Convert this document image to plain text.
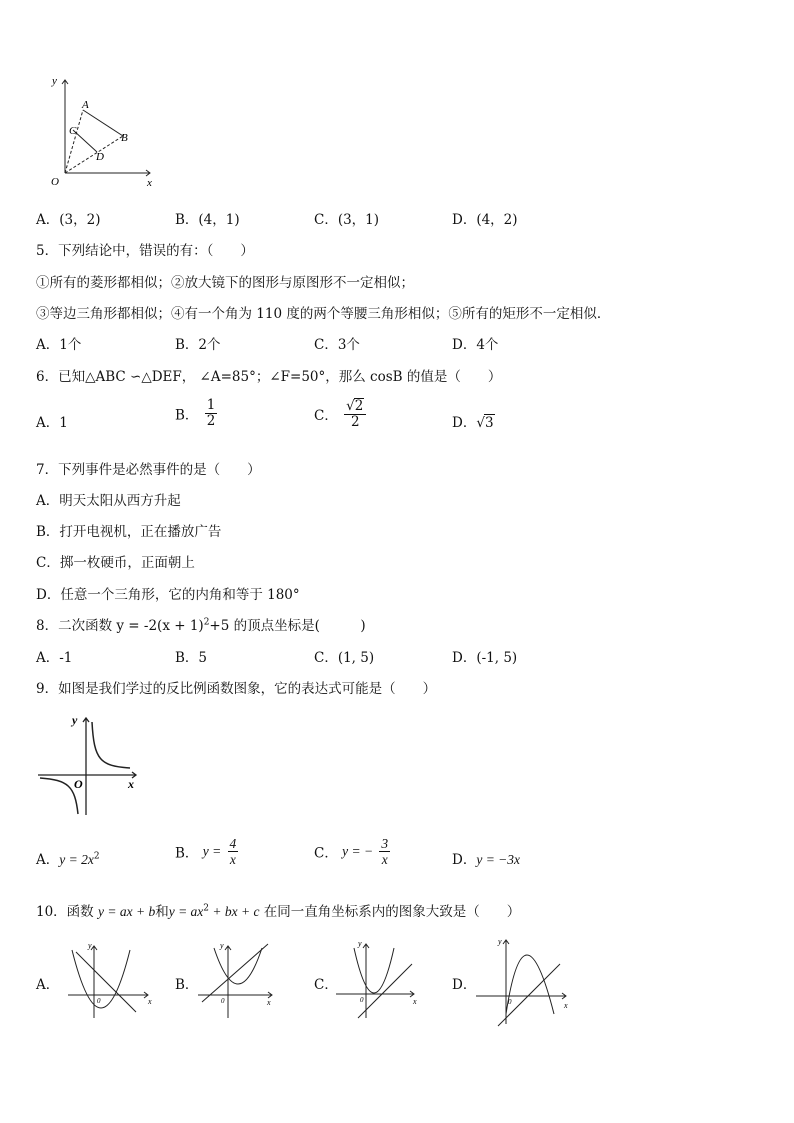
y
x
O
A
B
C
D
A．(3，2)	B．(4，1)	C．(3，1)	D．(4，2)
5．下列结论中，错误的有：（　　）
①所有的菱形都相似；②放大镜下的图形与原图形不一定相似；
③等边三角形都相似；④有一个角为 110 度的两个等腰三角形相似；⑤所有的矩形不一定相似．
A．1个	B．2个	C．3个	D．4个
6．已知△ABC ∽△DEF， ∠A=85°；∠F=50°，那么 cosB 的值是（　　）
A．1	B． $\frac{1}{2}$	C． $\frac{√2}{2}$	D．√3
7．下列事件是必然事件的是（　　）
A．明天太阳从西方升起
B．打开电视机，正在播放广告
C．掷一枚硬币，正面朝上
D．任意一个三角形，它的内角和等于 180°
8．二次函数 $y = -2(x + 1)^2+5$ 的顶点坐标是(　　　)
A．-1	B．5	C．(1, 5)	D．(-1, 5)
9．如图是我们学过的反比例函数图象，它的表达式可能是（　　）
y
x
O
A．$y = 2x^2$	B． $y = \frac{4}{x}$	C． y = − $\frac{3}{x}$	D．y = −3x
10．函数 y = ax + b和$y = ax^2$ + bx + c 在同一直角坐标系内的图象大致是（　　）
A．	B．	C．	D．
y
x
0
y
x
0
y
x
0
y
x
0
